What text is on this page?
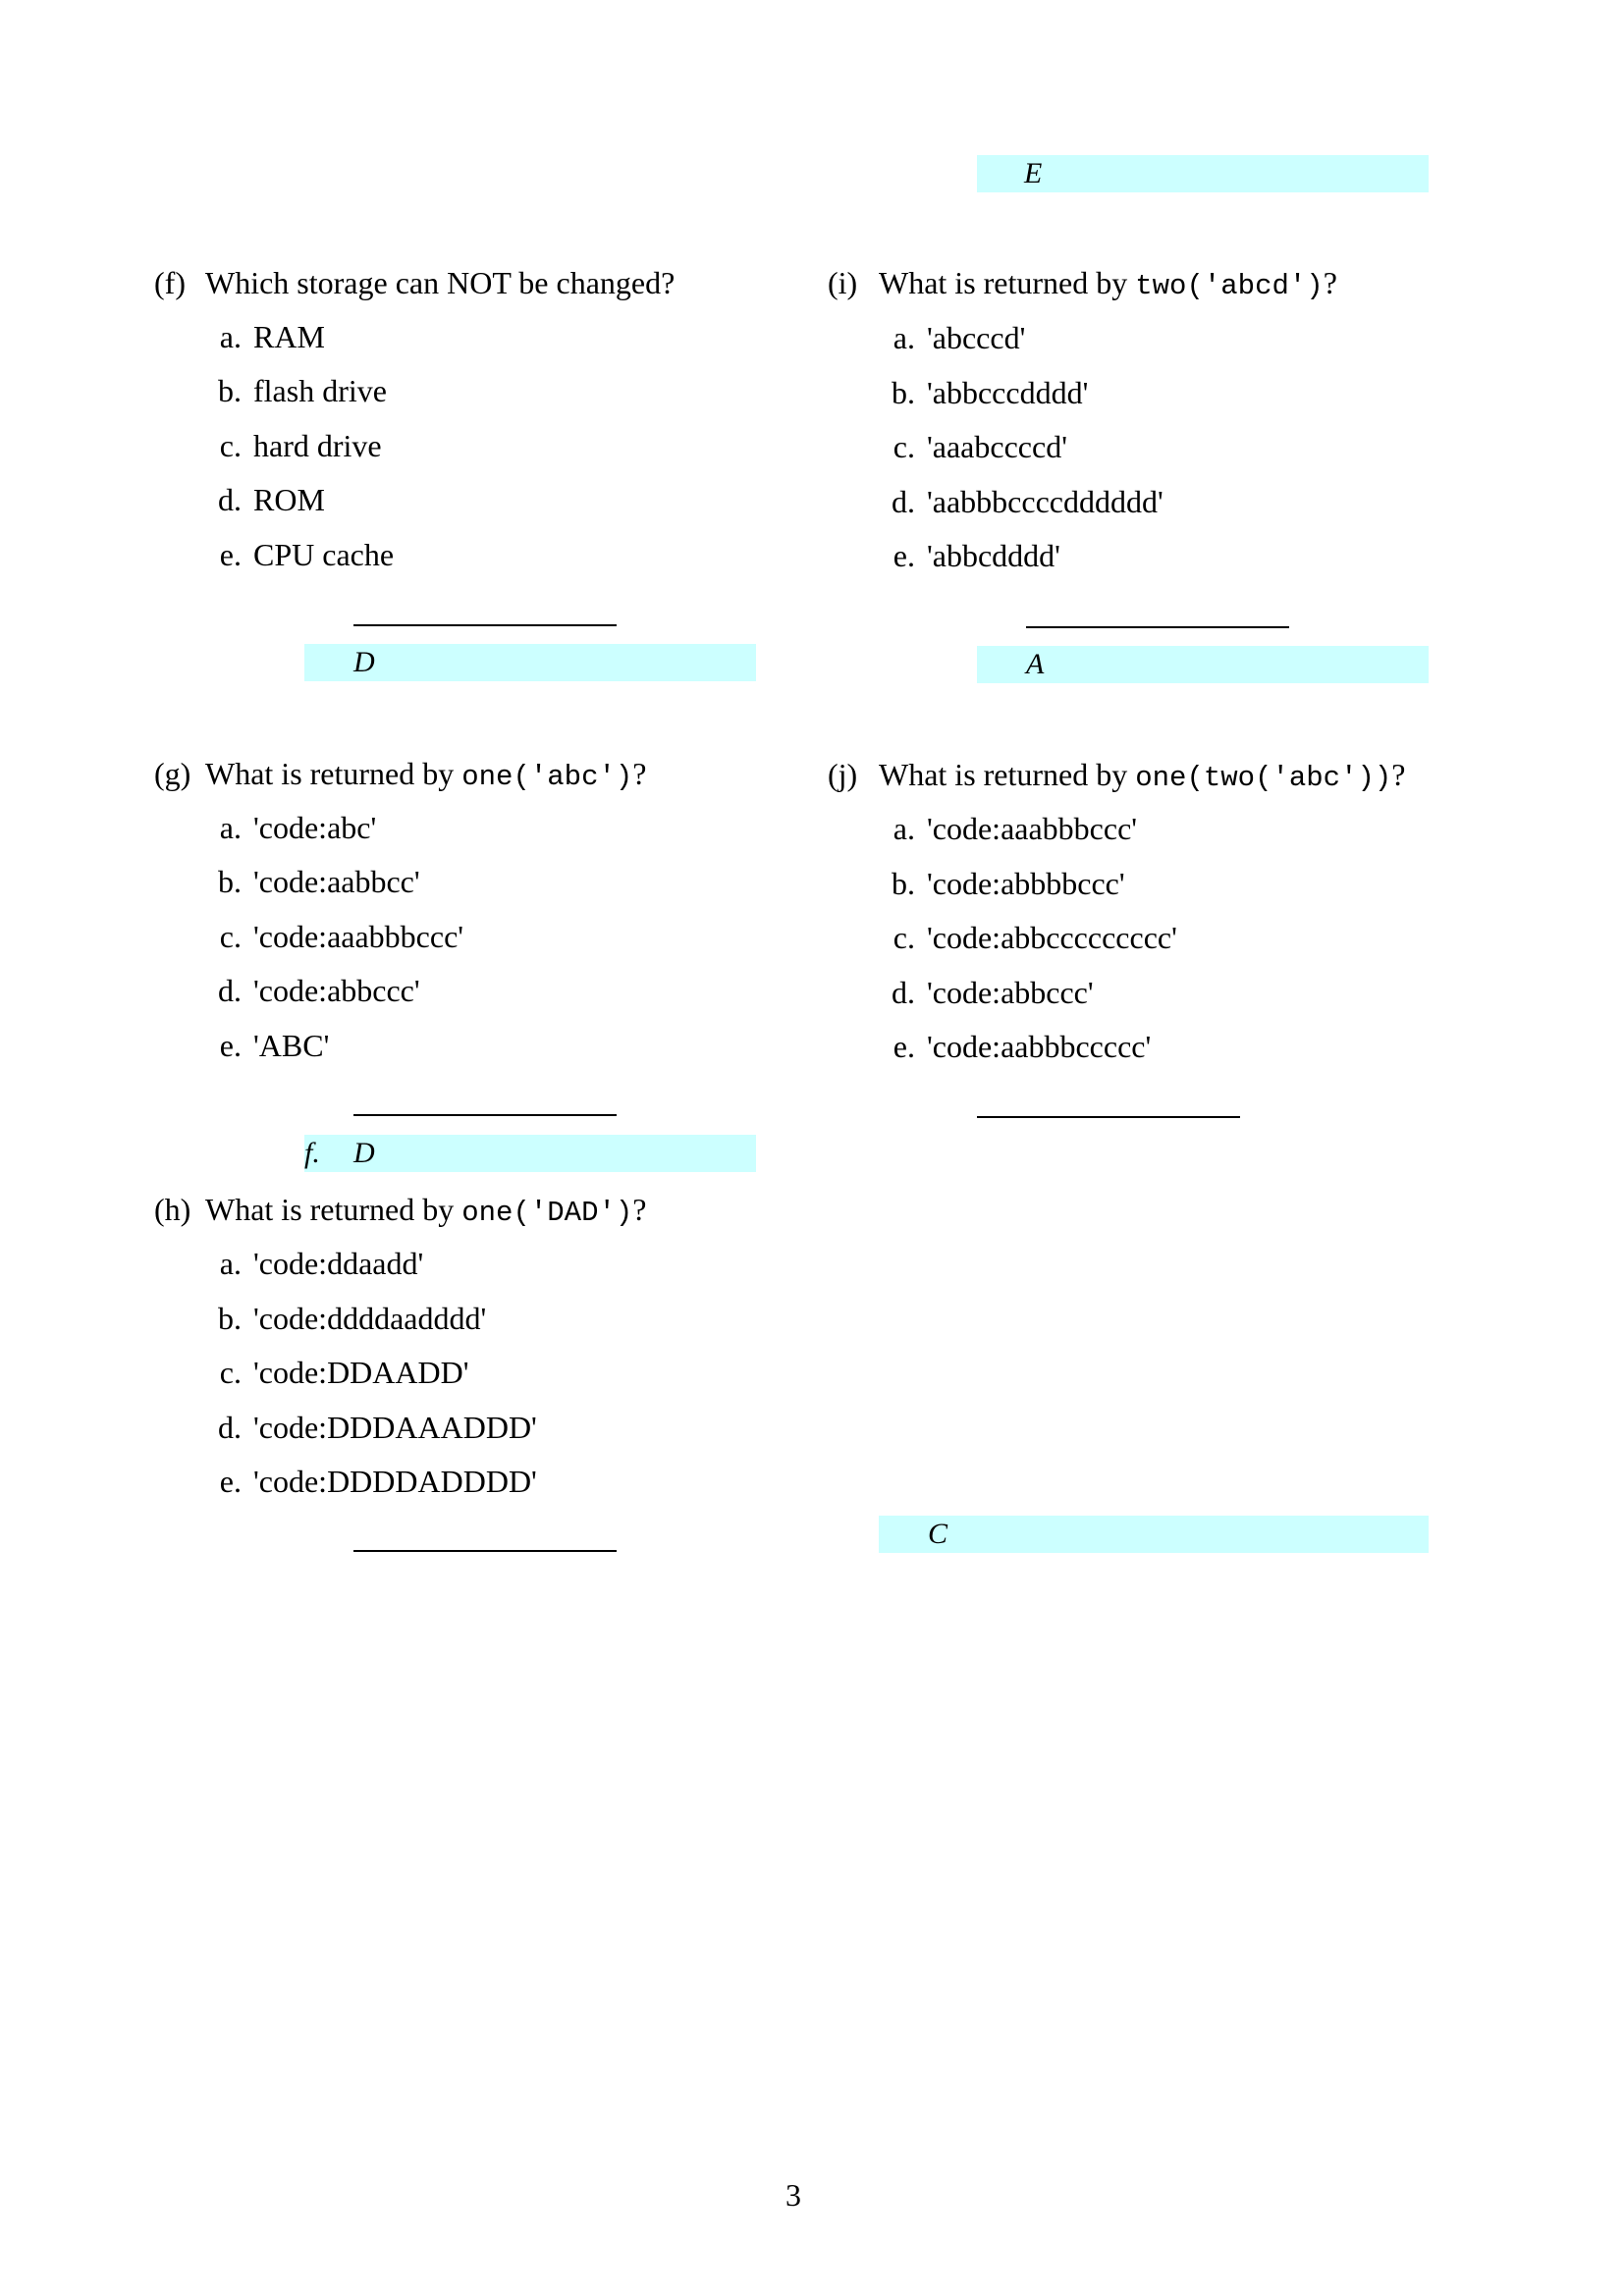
E
(f) Which storage can NOT be changed?
a. RAM
b. flash drive
c. hard drive
d. ROM
e. CPU cache
D
(g) What is returned by one('abc')?
a. 'code:abc'
b. 'code:aabbcc'
c. 'code:aaabbbccc'
d. 'code:abbccc'
e. 'ABC'
f. D
(h) What is returned by one('DAD')?
a. 'code:ddaadd'
b. 'code:ddddaadddd'
c. 'code:DDAADD'
d. 'code:DDDAAADDD'
e. 'code:DDDDADDDD'
(i) What is returned by two('abcd')?
a. 'abcccd'
b. 'abbcccdddd'
c. 'aaabccccd'
d. 'aabbbccccdddddd'
e. 'abbcdddd'
A
(j) What is returned by one(two('abc'))?
a. 'code:aaabbbccc'
b. 'code:abbbbccc'
c. 'code:abbccccccccc'
d. 'code:abbccc'
e. 'code:aabbbccccc'
C
3
